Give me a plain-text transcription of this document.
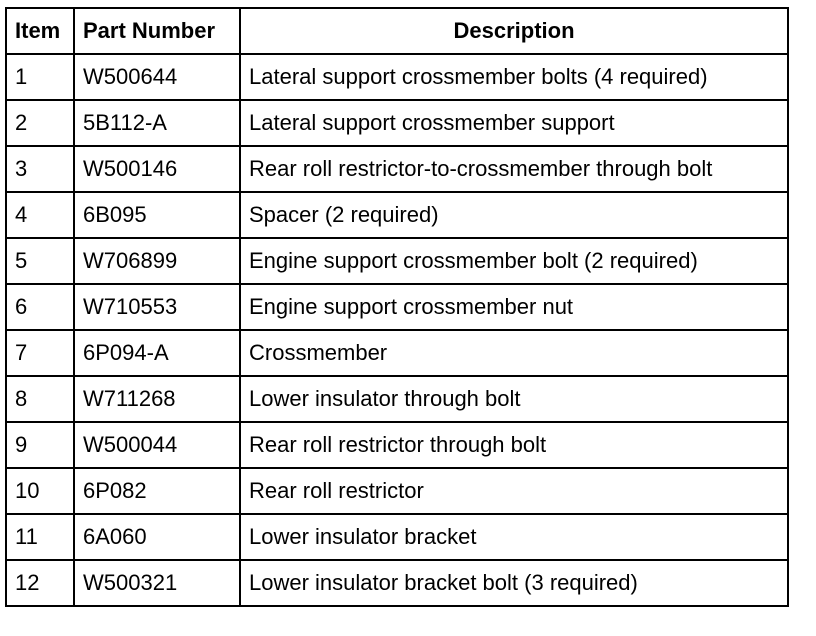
Item	Part Number	Description
1	W500644	Lateral support crossmember bolts (4 required)
2	5B112-A	Lateral support crossmember support
3	W500146	Rear roll restrictor-to-crossmember through bolt
4	6B095	Spacer (2 required)
5	W706899	Engine support crossmember bolt (2 required)
6	W710553	Engine support crossmember nut
7	6P094-A	Crossmember
8	W711268	Lower insulator through bolt
9	W500044	Rear roll restrictor through bolt
10	6P082	Rear roll restrictor
11	6A060	Lower insulator bracket
12	W500321	Lower insulator bracket bolt (3 required)
